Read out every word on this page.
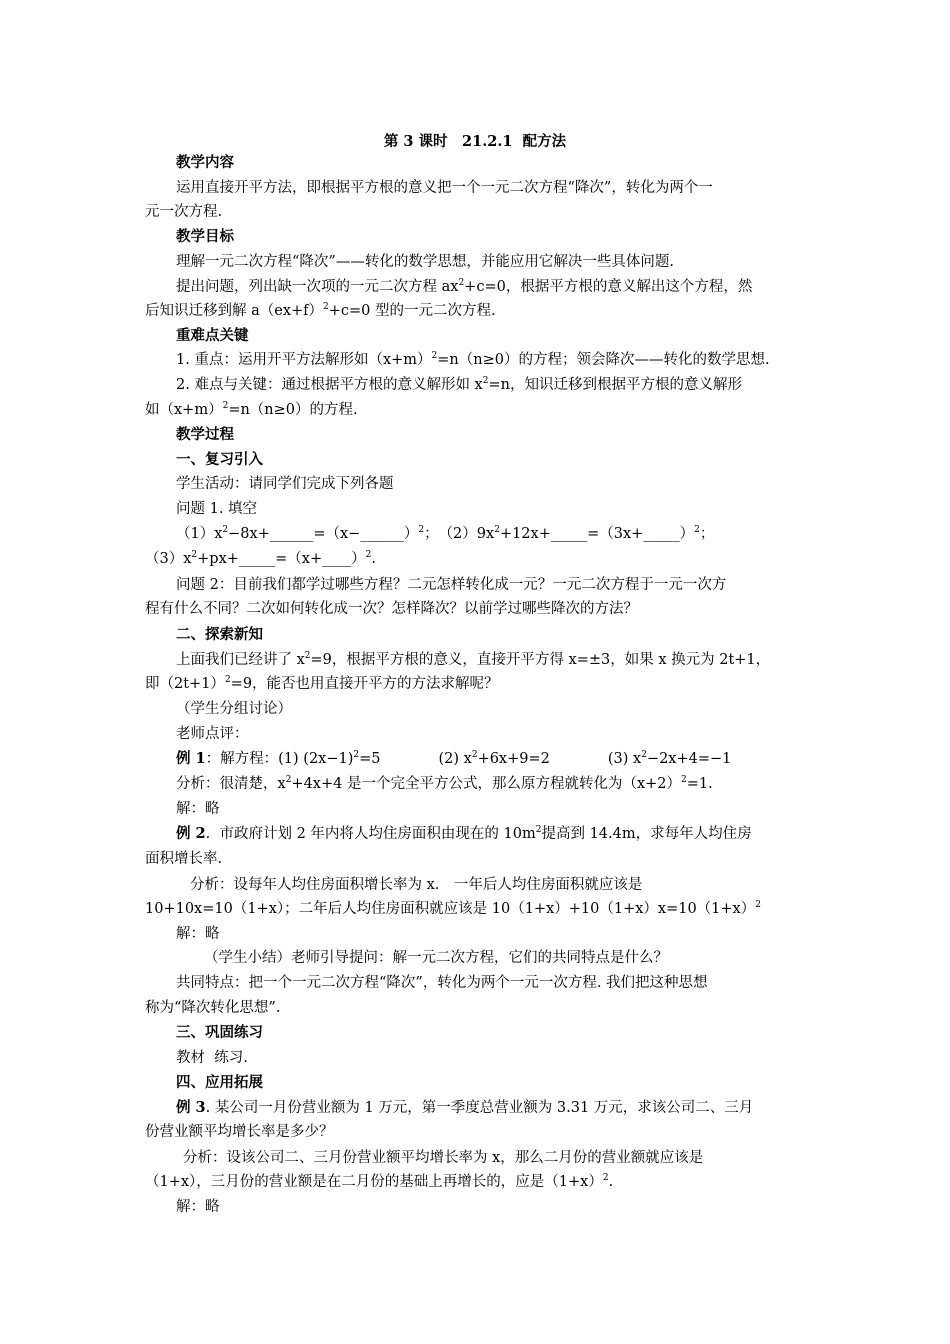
第 3 课时　21.2.1  配方法
教学内容
运用直接开平方法，即根据平方根的意义把一个一元二次方程“降次”，转化为两个一
元一次方程.
教学目标
理解一元二次方程“降次”——转化的数学思想，并能应用它解决一些具体问题.
提出问题，列出缺一次项的一元二次方程 $ax^2+c=0$，根据平方根的意义解出这个方程，然
后知识迁移到解 $a(ex+f)^2+c=0$ 型的一元二次方程.
重难点关键
1. 重点：运用开平方法解形如$(x+m)^2=n(n\ge 0)$的方程；领会降次——转化的数学思想.
2. 难点与关键：通过根据平方根的意义解形如 $x^2=n$，知识迁移到根据平方根的意义解形
如$(x+m)^2=n(n\ge 0)$的方程.
教学过程
一、复习引入
学生活动：请同学们完成下列各题
问题 1. 填空
$(1)x^2-8x+\_\_\_\_\_\_=(x-\_\_\_\_\_\_)^2$；　$(2)9x^2+12x+\_\_\_\_\_=(3x+\_\_\_\_\_)^2$；
$(3)x^2+px+\_\_\_\_\_=(x+\_\_\_\_)^2$.
问题 2：目前我们都学过哪些方程？二元怎样转化成一元？一元二次方程于一元一次方
程有什么不同？二次如何转化成一次？怎样降次？以前学过哪些降次的方法？
二、探索新知
上面我们已经讲了 $x^2=9$，根据平方根的意义，直接开平方得 x=±3，如果 x 换元为 2t+1，
即$(2t+1)^2=9$，能否也用直接开平方的方法求解呢？
（学生分组讨论）
老师点评：
例 1：解方程：(1) $(2x-1)^2=5$　　　　(2) $x^2+6x+9=2$　　　　(3) $x^2-2x+4=-1$
分析：很清楚，$x^2+4x+4$ 是一个完全平方公式，那么原方程就转化为$(x+2)^2=1$.
解：略
例 2.  市政府计划 2 年内将人均住房面积由现在的 $10m^2$提高到 14.4m，求每年人均住房
面积增长率.
分析：设每年人均住房面积增长率为 x.　一年后人均住房面积就应该是
10+10x=10（1+x）；二年后人均住房面积就应该是 $10(1+x)+10(1+x)x=10(1+x)^2$
解：略
（学生小结）老师引导提问：解一元二次方程，它们的共同特点是什么？
共同特点：把一个一元二次方程“降次”，转化为两个一元一次方程. 我们把这种思想
称为“降次转化思想”.
三、巩固练习
教材  练习.
四、应用拓展
例 3. 某公司一月份营业额为 1 万元，第一季度总营业额为 3.31 万元，求该公司二、三月
份营业额平均增长率是多少？
分析：设该公司二、三月份营业额平均增长率为 x，那么二月份的营业额就应该是
（1+x），三月份的营业额是在二月份的基础上再增长的，应是$(1+x)^2$.
解：略
